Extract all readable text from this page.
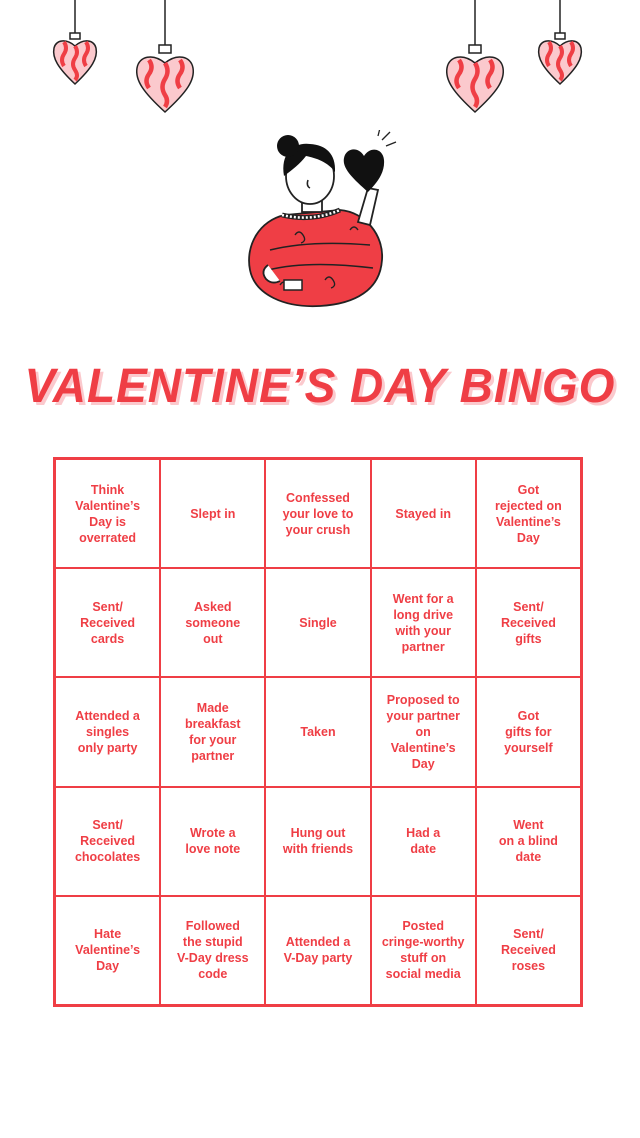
VALENTINE’S DAY BINGO
Think
Valentine’s
Day is
overrated
Slept in
Confessed
your love to
your crush
Stayed in
Got
rejected on
Valentine’s
Day
Sent/
Received
cards
Asked
someone
out
Single
Went for a
long drive
with your
partner
Sent/
Received
gifts
Attended a
singles
only party
Made
breakfast
for your
partner
Taken
Proposed to
your partner
on Valentine’s
Day
Got
gifts for
yourself
Sent/
Received
chocolates
Wrote a
love note
Hung out
with friends
Had a
date
Went
on a blind
date
Hate
Valentine’s
Day
Followed
the stupid
V-Day dress
code
Attended a
V-Day party
Posted
cringe-worthy
stuff on
social media
Sent/
Received
roses
